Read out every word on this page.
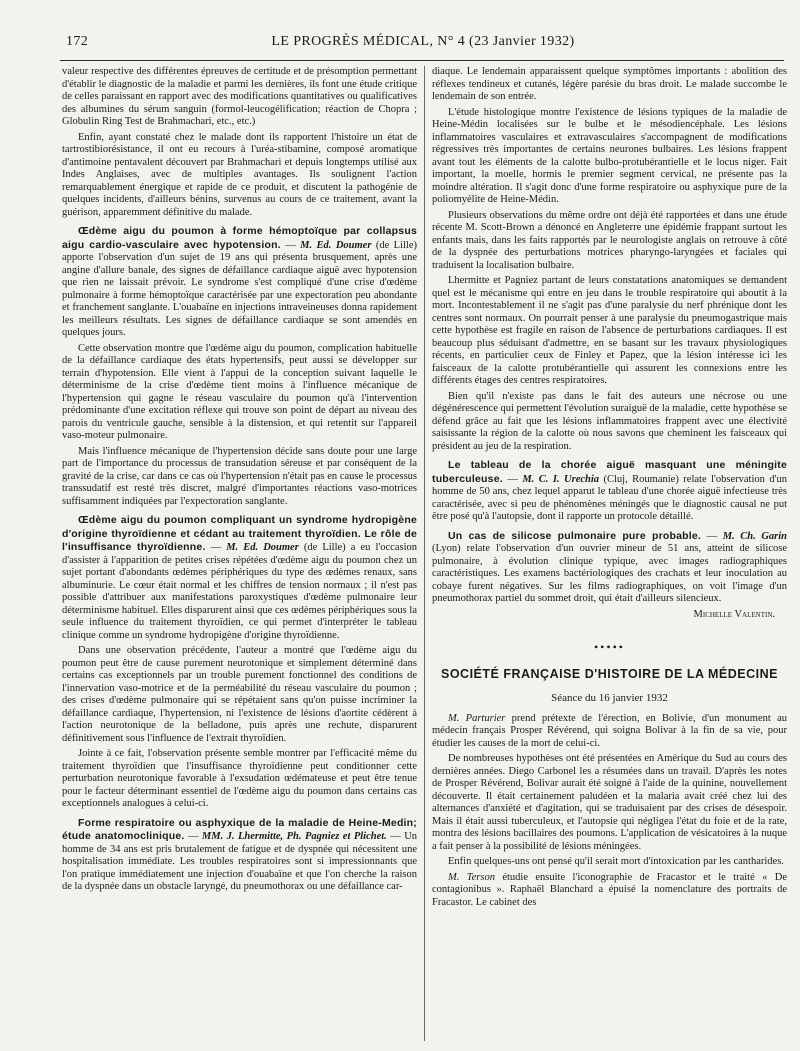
172	LE PROGRÈS MÉDICAL, N° 4 (23 Janvier 1932)

valeur respective des différentes épreuves de certitude et de présomption permettant d'établir le diagnostic de la maladie et parmi les dernières, ils font une étude critique de celles paraissant en rapport avec des modifications quantitatives ou qualificatives des albumines du sérum sanguin (formol-leucogélification; réaction de Chopra ; Globulin Ring Test de Brahmachari, etc., etc.)

Enfin, ayant constaté chez le malade dont ils rapportent l'histoire un état de tartrostibiorésistance, il ont eu recours à l'uréa-stibamine, composé aromatique d'antimoine pentavalent découvert par Brahmachari et depuis longtemps utilisé aux Indes Anglaises, avec de multiples avantages. Ils soulignent l'action remarquablement énergique et rapide de ce produit, et discutent la pathogénie de quelques incidents, d'ailleurs bénins, survenus au cours de ce traitement, avant la guérison, apparemment définitive du malade.

Œdème aigu du poumon à forme hémoptoïque par collapsus aigu cardio-vasculaire avec hypotension. — M. Ed. Doumer (de Lille) apporte l'observation d'un sujet de 19 ans qui présenta brusquement, après une angine d'allure banale, des signes de défaillance cardiaque aiguë avec hypotension que rien ne laissait prévoir. Le syndrome s'est compliqué d'une crise d'œdème pulmonaire à forme hémoptoïque caractérisée par une expectoration peu abondante et franchement sanglante. L'ouabaïne en injections intraveineuses donna rapidement les meilleurs résultats. Les signes de défaillance cardiaque se sont amendés en quelques jours.

Cette observation montre que l'œdème aigu du poumon, complication habituelle de la défaillance cardiaque des états hypertensifs, peut aussi se développer sur terrain d'hypotension. Elle vient à l'appui de la conception suivant laquelle le déterminisme de la crise d'œdème tient moins à l'influence mécanique de l'hypertension qui gagne le réseau vasculaire du poumon qu'à l'intervention prédominante d'une excitation réflexe qui trouve son point de départ au niveau des parois du ventricule gauche, sensible à la distension, et qui retentit sur l'appareil vaso-moteur pulmonaire.

Mais l'influence mécanique de l'hypertension décide sans doute pour une large part de l'importance du processus de transudation séreuse et par conséquent de la gravité de la crise, car dans ce cas où l'hypertension n'était pas en cause le processus transsudatif est resté très discret, malgré d'importantes réactions vaso-motrices suffisamment indiquées par l'expectoration sanglante.

Œdème aigu du poumon compliquant un syndrome hydropigène d'origine thyroïdienne et cédant au traitement thyroïdien. Le rôle de l'insuffisance thyroïdienne. — M. Ed. Doumer (de Lille) a eu l'occasion d'assister à l'apparition de petites crises répétées d'œdème aigu du poumon chez un sujet portant d'abondants œdèmes périphériques du type des œdèmes renaux, sans albuminurie. Le cœur était normal et les chiffres de tension normaux ; il n'est pas possible d'attribuer aux manifestations paroxystiques d'œdème pulmonaire leur déterminisme habituel. Elles disparurent ainsi que ces œdèmes périphériques sous la seule influence du traitement thyroïdien, ce qui permet d'interpréter le tableau clinique comme un syndrome hydropigène d'origine thyroïdienne.

Dans une observation précédente, l'auteur a montré que l'œdème aigu du poumon peut être de cause purement neurotonique et simplement déterminé dans certains cas exceptionnels par un trouble purement fonctionnel des conditions de l'innervation vaso-motrice et de la perméabilité du réseau vasculaire du poumon ; des crises d'œdème pulmonaire qui se répétaient sans qu'on puisse incriminer la défaillance cardiaque, l'hypertension, ni l'existence de lésions d'aortite cédèrent à l'action neurotonique de la belladone, puis après une rechute, disparurent définitivement sous l'influence de l'extrait thyroïdien.

Jointe à ce fait, l'observation présente semble montrer par l'efficacité même du traitement thyroïdien que l'insuffisance thyroïdienne peut conditionner cette perturbation neurotonique favorable à l'exsudation œdémateuse et peut être tenue pour le facteur déterminant essentiel de l'œdème aigu du poumon dans certains cas exceptionnels analogues à celui-ci.

Forme respiratoire ou asphyxique de la maladie de Heine-Medin; étude anatomoclinique. — MM. J. Lhermitte, Ph. Pagniez et Plichet. — Un homme de 34 ans est pris brutalement de fatigue et de dyspnée qui nécessitent une hospitalisation immédiate. Les troubles respiratoires sont si impressionnants que l'on pratique immédiatement une injection d'ouabaïne et que l'on cherche la raison de la dyspnée dans un obstacle laryngé, du pneumothorax ou une défaillance car-

diaque. Le lendemain apparaissent quelque symptômes importants : abolition des réflexes tendineux et cutanés, légère parésie du bras droit. Le malade succombe le lendemain de son entrée.

L'étude histologique montre l'existence de lésions typiques de la maladie de Heine-Médin localisées sur le bulbe et le mésodiencéphale. Les lésions inflammatoires vasculaires et extravasculaires s'accompagnent de modifications régressives très importantes de certains neurones bulbaires. Les lésions frappent avant tout les éléments de la calotte bulbo-protubérantielle et le locus niger. Fait important, la moelle, hormis le premier segment cervical, ne présente pas la moindre altération. Il s'agit donc d'une forme respiratoire ou asphyxique pure de la poliomyélite de Heine-Médin.

Plusieurs observations du même ordre ont déjà été rapportées et dans une étude récente M. Scott-Brown a dénoncé en Angleterre une épidémie frappant surtout les enfants mais, dans les faits rapportés par le neurologiste anglais on retrouve à côté de la dyspnée des perturbations motrices pharyngo-laryngées et faciales qui traduisent la localisation bulbaire.

Lhermitte et Pagniez partant de leurs constatations anatomiques se demandent quel est le mécanisme qui entre en jeu dans le trouble respiratoire qui aboutit à la mort. Incontestablement il ne s'agit pas d'une paralysie du nerf phrénique dont les centres sont normaux. On pourrait penser à une paralysie du pneumogastrique mais cette hypothèse est fragile en raison de l'absence de perturbations cardiaques. Il est beaucoup plus séduisant d'admettre, en se basant sur les travaux physiologiques récents, en particulier ceux de Finley et Papez, que la lésion intéresse ici les faisceaux de la calotte protubérantielle qui assurent les connexions entre les différents étages des centres respiratoires.

Bien qu'il n'existe pas dans le fait des auteurs une nécrose ou une dégénérescence qui permettent l'évolution suraiguë de la maladie, cette hypothèse se défend grâce au fait que les lésions inflammatoires frappent avec une électivité saisissante la région de la calotte où nous savons que cheminent les faisceaux qui président au jeu de la respiration.

Le tableau de la chorée aiguë masquant une méningite tuberculeuse. — M. C. I. Urechia (Cluj, Roumanie) relate l'observation d'un homme de 50 ans, chez lequel apparut le tableau d'une chorée aiguë infectieuse très caractérisée, avec si peu de phénomènes méningés que le diagnostic causal ne put être posé qu'à l'autopsie, dont il rapporte un protocole détaillé.

Un cas de silicose pulmonaire pure probable. — M. Ch. Garin (Lyon) relate l'observation d'un ouvrier mineur de 51 ans, atteint de silicose pulmonaire, à évolution clinique typique, avec images radiographiques caractéristiques. Les examens bactériologiques des crachats et leur inoculation au cobaye furent négatives. Sur les films radiographiques, on voit l'image d'un pneumothorax partiel du sommet droit, qui était d'ailleurs silencieux.

Michelle Valentin.
•••••
SOCIÉTÉ FRANÇAISE D'HISTOIRE DE LA MÉDECINE
Séance du 16 janvier 1932

M. Parturier prend prétexte de l'érection, en Bolivie, d'un monument au médecin français Prosper Révérend, qui soigna Bolivar à la fin de sa vie, pour étudier les causes de la mort de celui-ci.

De nombreuses hypothèses ont été présentées en Amérique du Sud au cours des dernières années. Diego Carbonel les a résumées dans un travail. D'après les notes de Prosper Révérend, Bolivar aurait été soigné à l'aide de la quinine, nouvellement découverte. Il était certainement paludéen et la malaria avait créé chez lui des alternances d'anxiété et d'agitation, qui se traduisaient par des crises de désespoir. Mais il était aussi tuberculeux, et l'autopsie qui négligea l'état du foie et de la rate, montra des lésions bacillaires des poumons. L'application de vésicatoires à la nuque a fait penser à la possibilité de lésions méningées.

Enfin quelques-uns ont pensé qu'il serait mort d'intoxication par les cantharides.

M. Terson étudie ensuite l'iconographie de Fracastor et le traité « De contagionibus ». Raphaël Blanchard a épuisé la nomenclature des portraits de Fracastor. Le cabinet des
